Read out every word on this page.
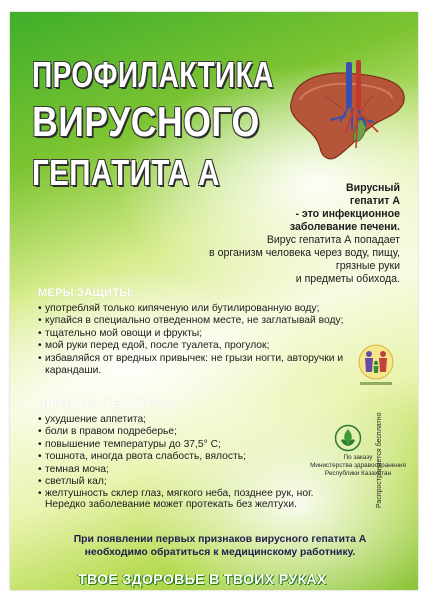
ПРОФИЛАКТИКА
ВИРУСНОГО
ГЕПАТИТА А	Вирусный
гепатит А
- это инфекционное
заболевание печени.
Вирус гепатита А попадает
в организм человека через воду, пищу, грязные руки
и предметы обихода.
МЕРЫ ЗАЩИТЫ:
• употребляй только кипяченую или бутилированную воду;
• купайся в специально отведенном месте, не заглатывай воду;
• тщательно мой овощи и фрукты;
• мой руки перед едой, после туалета, прогулок;
• избавляйся от вредных привычек: не грызи ногти, авторучки и карандаши.
ПРИЗНАКИ ГЕПАТИТА А:
• ухудшение аппетита;
• боли в правом подреберье;
• повышение температуры до 37,5° С;
• тошнота, иногда рвота слабость, вялость;
• темная моча;
• светлый кал;
• желтушность склер глаз, мягкого неба, позднее рук, ног.
Нередко заболевание может протекать без желтухи.
По заказу
Министерства здравоохранения
Республики Казахстан
Распространяется бесплатно
При появлении первых признаков вирусного гепатита А
необходимо обратиться к медицинскому работнику.
ТВОЕ ЗДОРОВЬЕ В ТВОИХ РУКАХ
